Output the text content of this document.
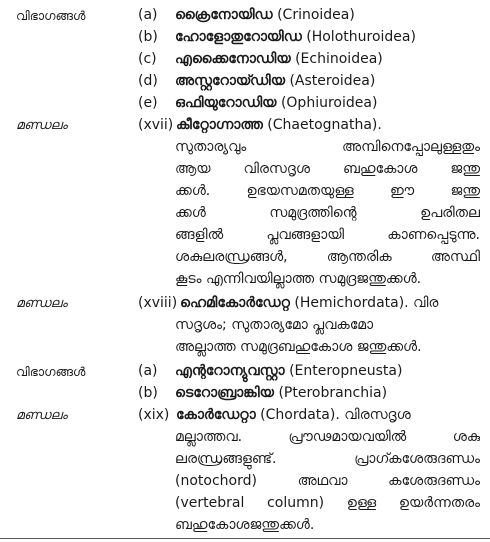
വിഭാഗങ്ങൾ	(a) ക്രൈനോയിഡ (Crinoidea)
(b) ഹോളോതുറോയിഡ (Holothuroidea)
(c) എക്കൈനോഡിയ (Echinoidea)
(d) അസ്റ്ററോയ്ഡിയ (Asteroidea)
(e) ഒഫിയുറോഡിയ (Ophiuroidea)
മണ്ഡലം	(xvii) കീറ്റോഗ്നാത്ത (Chaetognatha).
സുതാര്യവും അമ്പിനെപ്പോലുള്ളതും
ആയ വിരസദൃശ ബഹുകോശ ജന്തു
ക്കൾ. ഉഭയസമതയുള്ള ഈ ജന്തു
ക്കൾ സമുദ്രത്തിന്റെ ഉപരിതല
ങ്ങളിൽ പ്ലവങ്ങളായി കാണപ്പെടുന്നു.
ശകുലരന്ധ്രങ്ങൾ, ആന്തരിക അസ്ഥി
കൂടം എന്നിവയില്ലാത്ത സമുദ്രജന്തുക്കൾ.
മണ്ഡലം	(xviii) ഹെമികോർഡേറ്റ (Hemichordata). വിര
സദൃശം; സുതാര്യമോ പ്ലവകമോ
അല്ലാത്ത സമുദ്രബഹുകോശ ജന്തുക്കൾ.
വിഭാഗങ്ങൾ	(a) എന്ററോന്യുവസ്റ്റാ (Enteropneusta)
(b) ടെറോബ്രാങ്കിയ (Pterobranchia)
മണ്ഡലം	(xix) കോർഡേറ്റാ (Chordata). വിരസദൃശ
മല്ലാത്തവ. പ്രൗഢമായവയിൽ ശകു
ലരന്ധ്രങ്ങളുണ്ട്. പ്രാഗ്കശേരുദണ്ഡം
(notochord) അഥവാ കശേരുദണ്ഡം
(vertebral column) ഉള്ള ഉയർന്നതരം
ബഹുകോശജന്തുക്കൾ.
